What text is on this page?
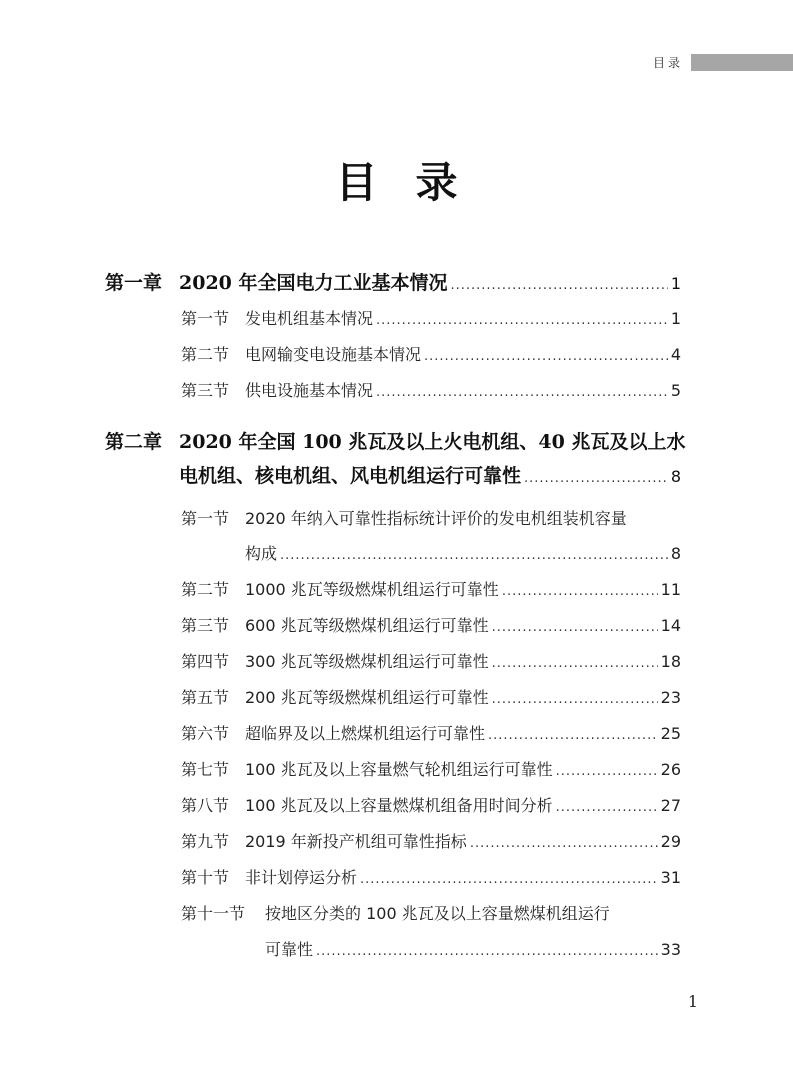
目录
目录
第一章 2020 年全国电力工业基本情况 .....	1
第一节 发电机组基本情况 .....	1
第二节 电网输变电设施基本情况 .....	4
第三节 供电设施基本情况 .....	5
第二章 2020 年全国 100 兆瓦及以上火电机组、40 兆瓦及以上水
电机组、核电机组、风电机组运行可靠性 .....	8
第一节 2020 年纳入可靠性指标统计评价的发电机组装机容量
构成 .....	8
第二节 1000 兆瓦等级燃煤机组运行可靠性 .....	11
第三节 600 兆瓦等级燃煤机组运行可靠性 .....	14
第四节 300 兆瓦等级燃煤机组运行可靠性 .....	18
第五节 200 兆瓦等级燃煤机组运行可靠性 .....	23
第六节 超临界及以上燃煤机组运行可靠性 .....	25
第七节 100 兆瓦及以上容量燃气轮机组运行可靠性 .....	26
第八节 100 兆瓦及以上容量燃煤机组备用时间分析 .....	27
第九节 2019 年新投产机组可靠性指标 .....	29
第十节 非计划停运分析 .....	31
第十一节 按地区分类的 100 兆瓦及以上容量燃煤机组运行
可靠性 .....	33
1
